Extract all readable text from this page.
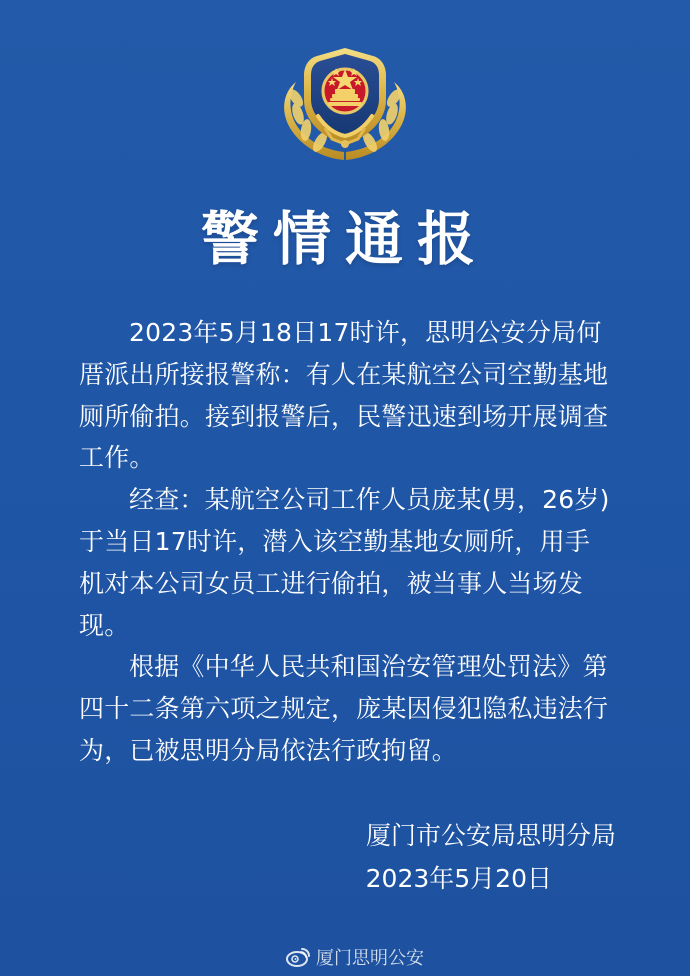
警情通报

2023年5月18日17时许，思明公安分局何厝派出所接报警称：有人在某航空公司空勤基地厕所偷拍。接到报警后，民警迅速到场开展调查工作。

经查：某航空公司工作人员庞某(男，26岁)于当日17时许，潜入该空勤基地女厕所，用手机对本公司女员工进行偷拍，被当事人当场发现。

根据《中华人民共和国治安管理处罚法》第四十二条第六项之规定，庞某因侵犯隐私违法行为，已被思明分局依法行政拘留。

厦门市公安局思明分局
2023年5月20日
厦门思明公安
